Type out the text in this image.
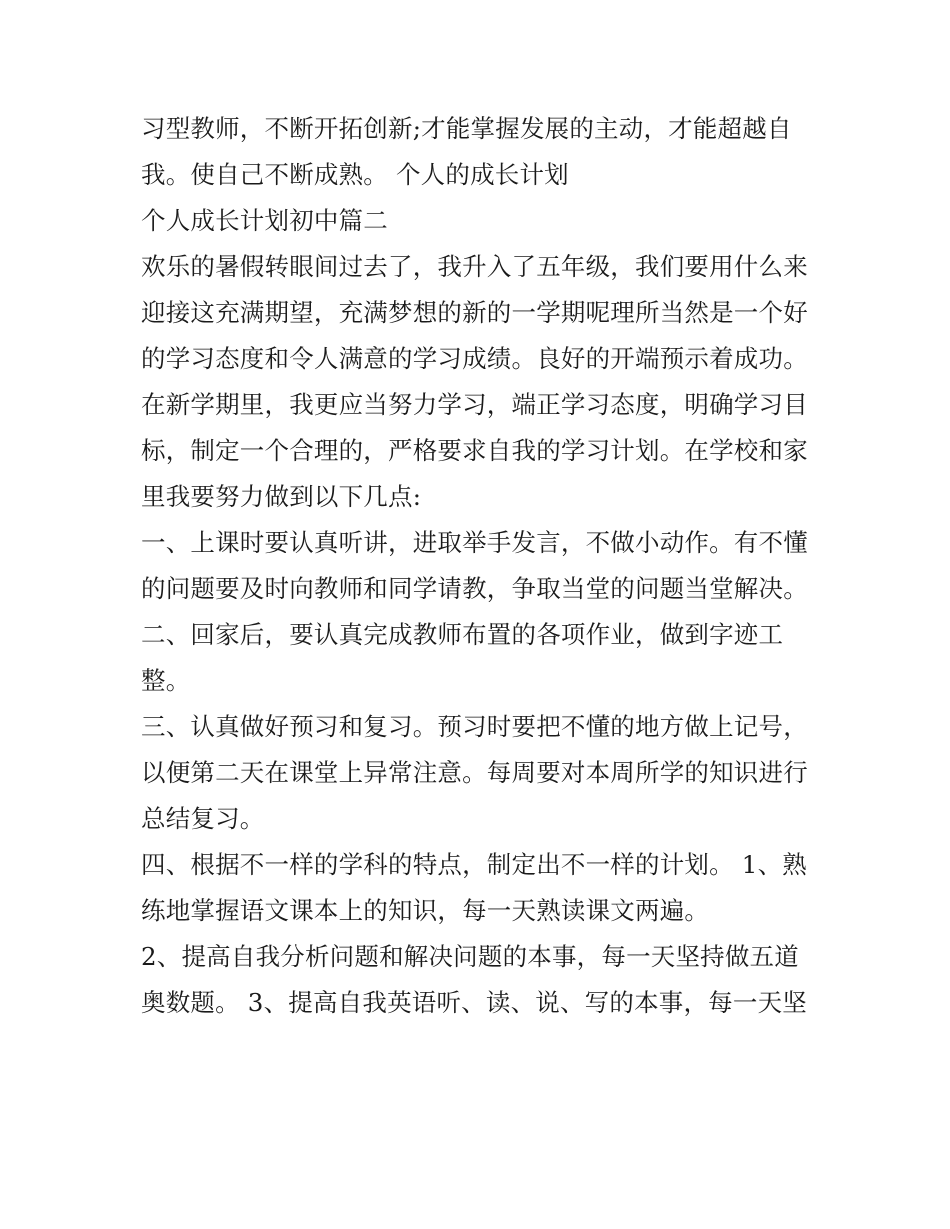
习型教师，不断开拓创新;才能掌握发展的主动，才能超越自
我。使自己不断成熟。 个人的成长计划
个人成长计划初中篇二
欢乐的暑假转眼间过去了，我升入了五年级，我们要用什么来
迎接这充满期望，充满梦想的新的一学期呢理所当然是一个好
的学习态度和令人满意的学习成绩。良好的开端预示着成功。
在新学期里，我更应当努力学习，端正学习态度，明确学习目
标，制定一个合理的，严格要求自我的学习计划。在学校和家
里我要努力做到以下几点:
一、上课时要认真听讲，进取举手发言，不做小动作。有不懂
的问题要及时向教师和同学请教，争取当堂的问题当堂解决。
二、回家后，要认真完成教师布置的各项作业，做到字迹工
整。
三、认真做好预习和复习。预习时要把不懂的地方做上记号，
以便第二天在课堂上异常注意。每周要对本周所学的知识进行
总结复习。
四、根据不一样的学科的特点，制定出不一样的计划。 1、熟
练地掌握语文课本上的知识，每一天熟读课文两遍。
2、提高自我分析问题和解决问题的本事，每一天坚持做五道
奥数题。 3、提高自我英语听、读、说、写的本事，每一天坚
